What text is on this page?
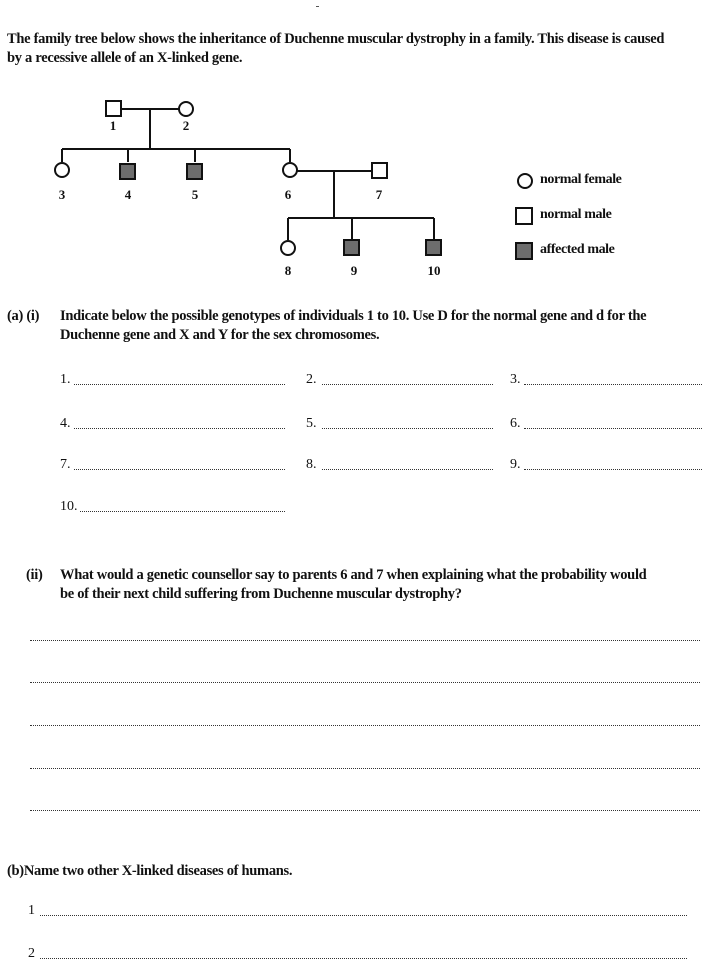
The family tree below shows the inheritance of Duchenne muscular dystrophy in a family. This disease is caused
by a recessive allele of an X-linked gene.
1	2
3	4	5	6	7
8	9	10
normal female
normal male
affected male
(a) (i) Indicate below the possible genotypes of individuals 1 to 10. Use D for the normal gene and d for the
Duchenne gene and X and Y for the sex chromosomes.
1.	2.	3.
4.	5.	6.
7.	8.	9.
10.
(ii) What would a genetic counsellor say to parents 6 and 7 when explaining what the probability would
be of their next child suffering from Duchenne muscular dystrophy?
(b)Name two other X-linked diseases of humans.
1
2
